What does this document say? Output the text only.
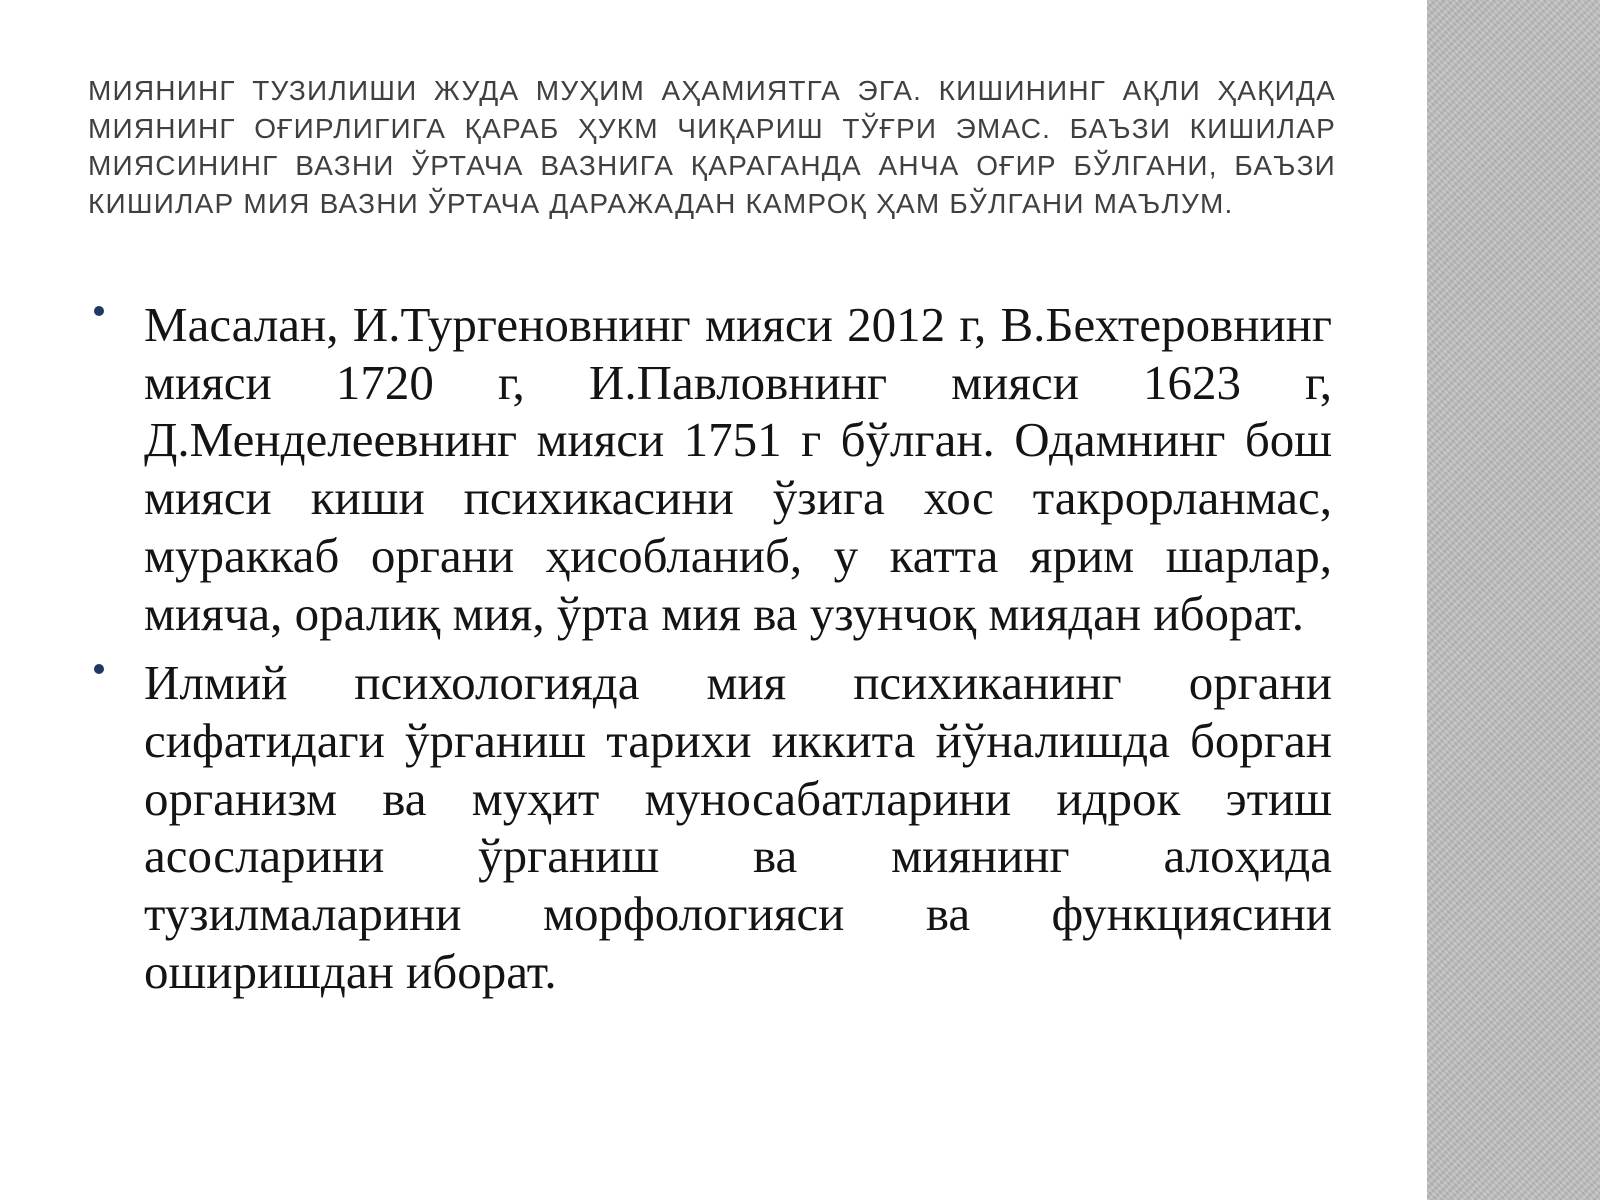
МИЯНИНГ ТУЗИЛИШИ ЖУДА МУҲИМ АҲАМИЯТГА ЭГА. КИШИНИНГ АҚЛИ ҲАҚИДА МИЯНИНГ ОҒИРЛИГИГА ҚАРАБ ҲУКМ ЧИҚАРИШ ТЎҒРИ ЭМАС. БАЪЗИ КИШИЛАР МИЯСИНИНГ ВАЗНИ ЎРТАЧА ВАЗНИГА ҚАРАГАНДА АНЧА ОҒИР БЎЛГАНИ, БАЪЗИ КИШИЛАР МИЯ ВАЗНИ ЎРТАЧА ДАРАЖАДАН КАМРОҚ ҲАМ БЎЛГАНИ МАЪЛУМ.

Масалан, И.Тургеновнинг мияси 2012 г, В.Бехтеровнинг мияси 1720 г, И.Павловнинг мияси 1623 г, Д.Менделеевнинг мияси 1751 г бўлган. Одамнинг бош мияси киши психикасини ўзига хос такрорланмас, мураккаб органи ҳисобланиб, у катта ярим шарлар, мияча, оралиқ мия, ўрта мия ва узунчоқ миядан иборат.
Илмий психологияда мия психиканинг органи сифатидаги ўрганиш тарихи иккита йўналишда борган организм ва муҳит муносабатларини идрок этиш асосларини ўрганиш ва миянинг алоҳида тузилмаларини морфологияси ва функциясини оширишдан иборат.
